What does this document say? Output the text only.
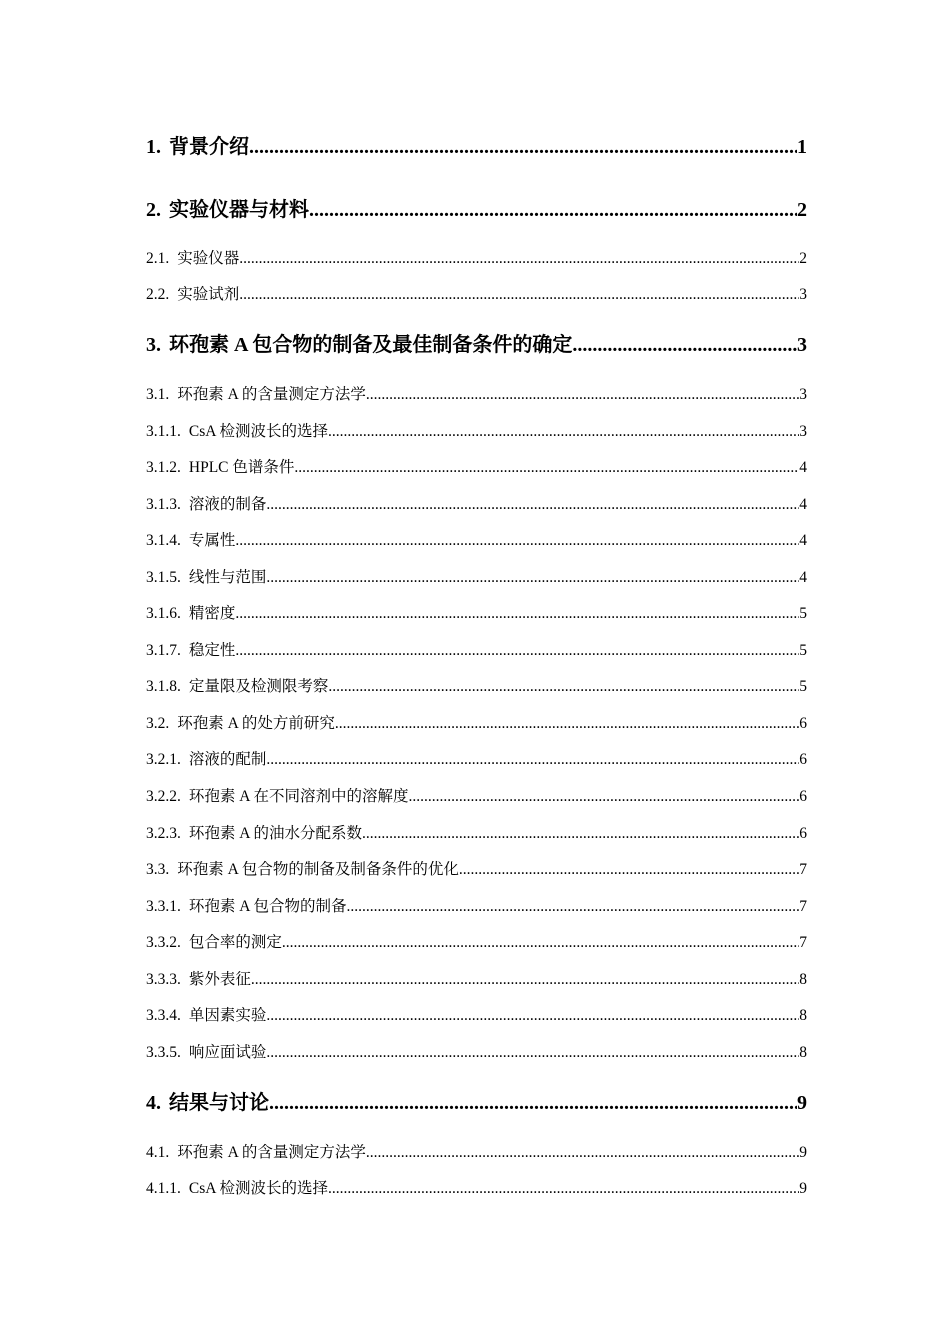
1. 背景介绍 .....	1
2. 实验仪器与材料 .....	2
2.1. 实验仪器 .....	2
2.2. 实验试剂 .....	3
3. 环孢素 A 包合物的制备及最佳制备条件的确定 .....	3
3.1. 环孢素 A 的含量测定方法学 .....	3
3.1.1. CsA 检测波长的选择 .....	3
3.1.2. HPLC 色谱条件 .....	4
3.1.3. 溶液的制备 .....	4
3.1.4. 专属性 .....	4
3.1.5. 线性与范围 .....	4
3.1.6. 精密度 .....	5
3.1.7. 稳定性 .....	5
3.1.8. 定量限及检测限考察 .....	5
3.2. 环孢素 A 的处方前研究 .....	6
3.2.1. 溶液的配制 .....	6
3.2.2. 环孢素 A 在不同溶剂中的溶解度 .....	6
3.2.3. 环孢素 A 的油水分配系数 .....	6
3.3. 环孢素 A 包合物的制备及制备条件的优化 .....	7
3.3.1. 环孢素 A 包合物的制备 .....	7
3.3.2. 包合率的测定 .....	7
3.3.3. 紫外表征 .....	8
3.3.4. 单因素实验 .....	8
3.3.5. 响应面试验 .....	8
4. 结果与讨论 .....	9
4.1. 环孢素 A 的含量测定方法学 .....	9
4.1.1. CsA 检测波长的选择 .....	9
